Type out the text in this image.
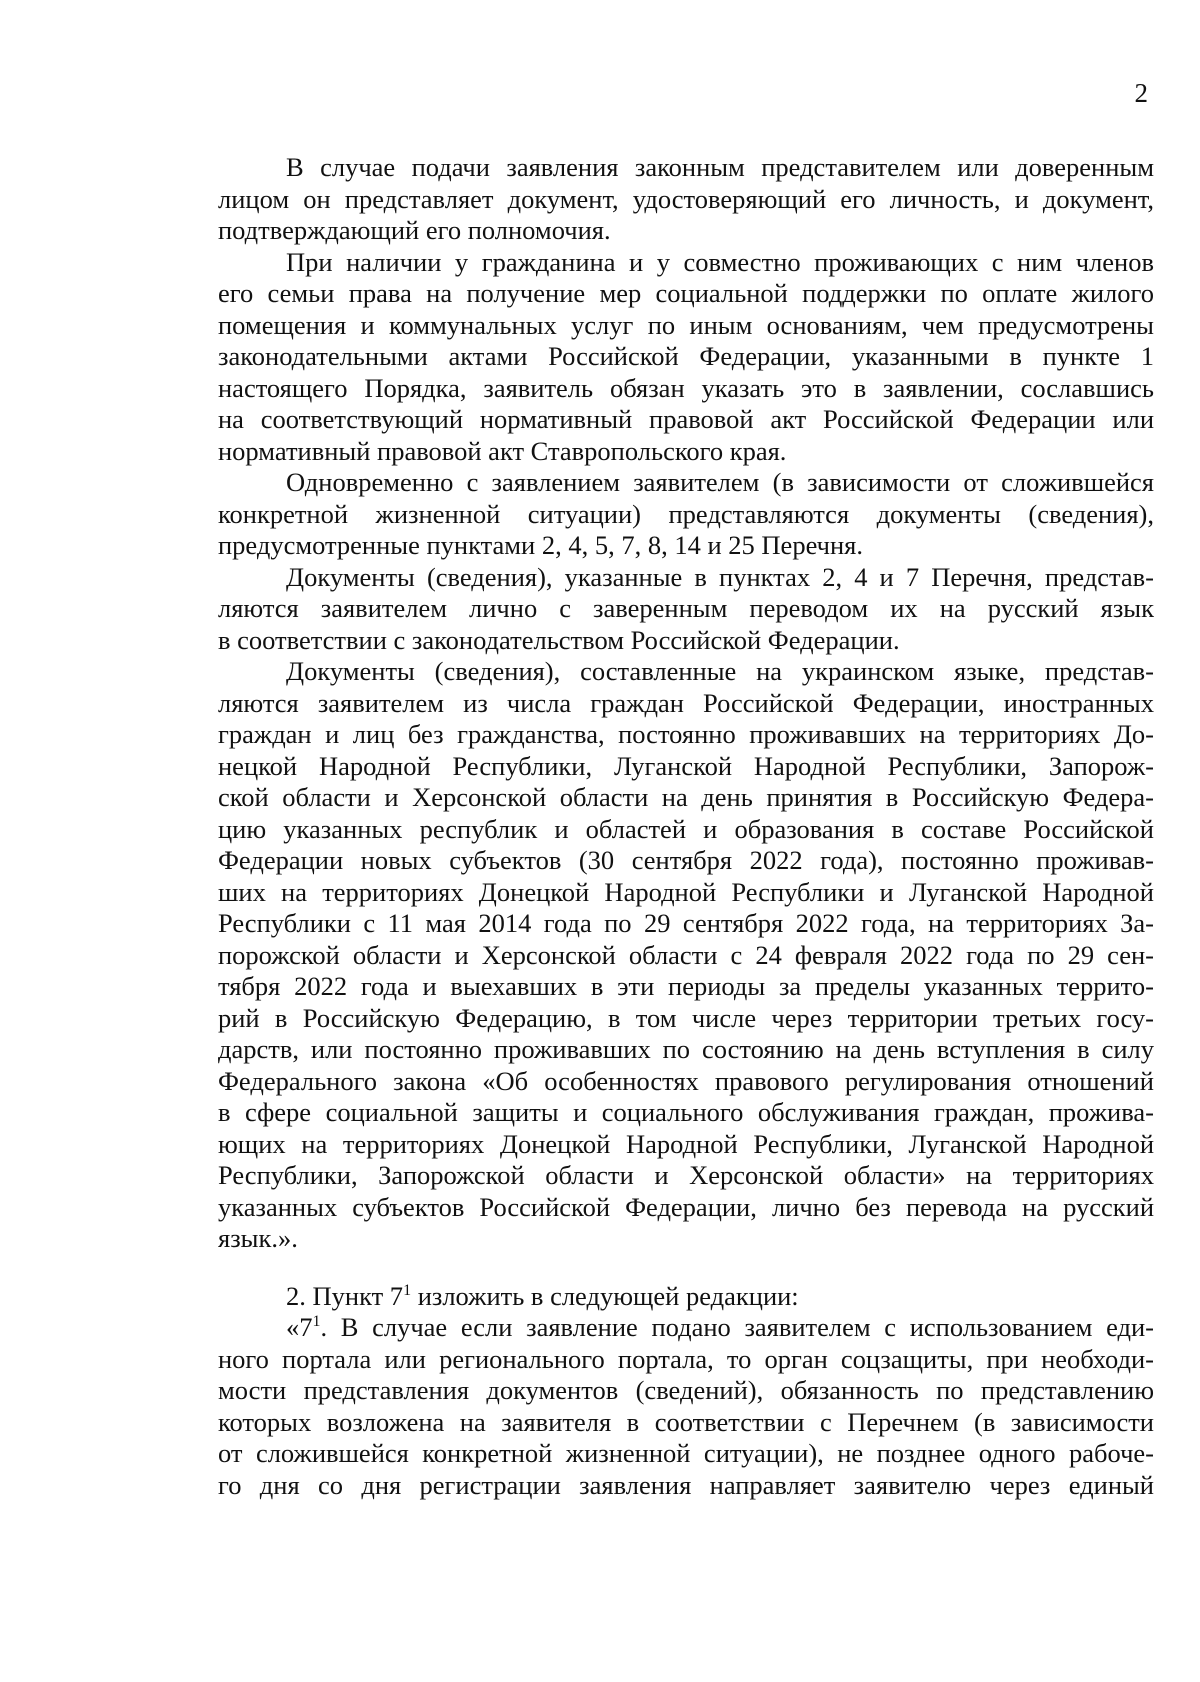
2
В случае подачи заявления законным представителем или доверенным
лицом он представляет документ, удостоверяющий его личность, и документ,
подтверждающий его полномочия.
При наличии у гражданина и у совместно проживающих с ним членов
его семьи права на получение мер социальной поддержки по оплате жилого
помещения и коммунальных услуг по иным основаниям, чем предусмотрены
законодательными актами Российской Федерации, указанными в пункте 1
настоящего Порядка, заявитель обязан указать это в заявлении, сославшись
на соответствующий нормативный правовой акт Российской Федерации или
нормативный правовой акт Ставропольского края.
Одновременно с заявлением заявителем (в зависимости от сложившейся
конкретной жизненной ситуации) представляются документы (сведения),
предусмотренные пунктами 2, 4, 5, 7, 8, 14 и 25 Перечня.
Документы (сведения), указанные в пунктах 2, 4 и 7 Перечня, представ-
ляются заявителем лично с заверенным переводом их на русский язык
в соответствии с законодательством Российской Федерации.
Документы (сведения), составленные на украинском языке, представ-
ляются заявителем из числа граждан Российской Федерации, иностранных
граждан и лиц без гражданства, постоянно проживавших на территориях До-
нецкой Народной Республики, Луганской Народной Республики, Запорож-
ской области и Херсонской области на день принятия в Российскую Федера-
цию указанных республик и областей и образования в составе Российской
Федерации новых субъектов (30 сентября 2022 года), постоянно проживав-
ших на территориях Донецкой Народной Республики и Луганской Народной
Республики с 11 мая 2014 года по 29 сентября 2022 года, на территориях За-
порожской области и Херсонской области с 24 февраля 2022 года по 29 сен-
тября 2022 года и выехавших в эти периоды за пределы указанных террито-
рий в Российскую Федерацию, в том числе через территории третьих госу-
дарств, или постоянно проживавших по состоянию на день вступления в силу
Федерального закона «Об особенностях правового регулирования отношений
в сфере социальной защиты и социального обслуживания граждан, прожива-
ющих на территориях Донецкой Народной Республики, Луганской Народной
Республики, Запорожской области и Херсонской области» на территориях
указанных субъектов Российской Федерации, лично без перевода на русский
язык.».
2. Пункт $7^1$ изложить в следующей редакции:
«$7^1$. В случае если заявление подано заявителем с использованием еди-
ного портала или регионального портала, то орган соцзащиты, при необходи-
мости представления документов (сведений), обязанность по представлению
которых возложена на заявителя в соответствии с Перечнем (в зависимости
от сложившейся конкретной жизненной ситуации), не позднее одного рабоче-
го дня со дня регистрации заявления направляет заявителю через единый
